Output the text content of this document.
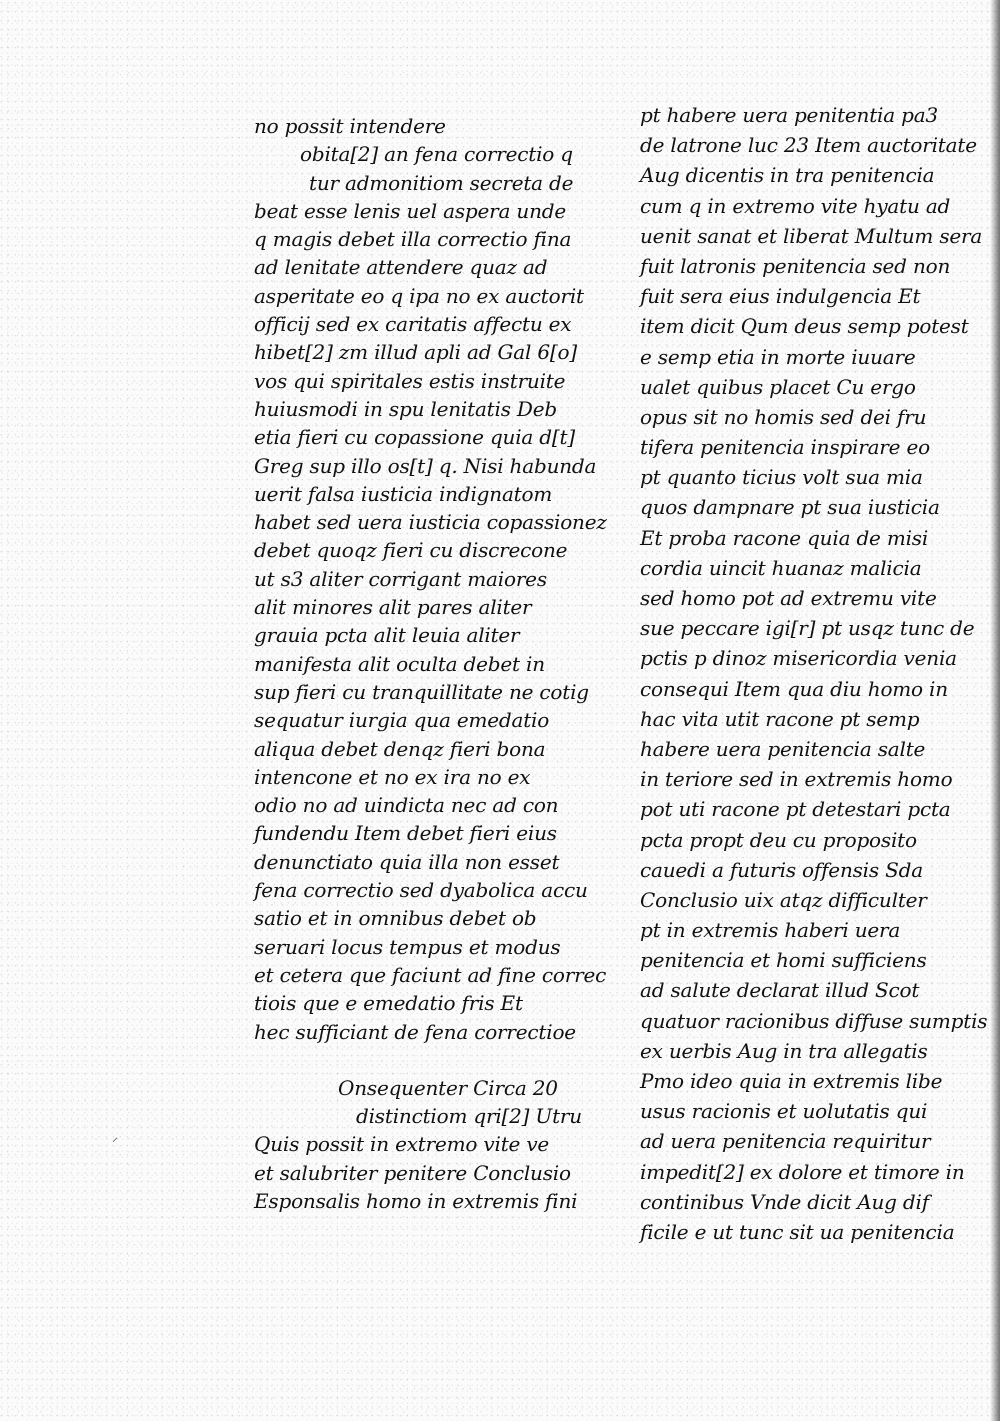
no possit intendere
obita[2] an fena correctio q
tur admonitiom secreta de
beat esse lenis uel aspera unde
q magis debet illa correctio fina
ad lenitate attendere quaz ad
asperitate eo q ipa no ex auctorit
officij sed ex caritatis affectu ex
hibet[2] zm illud apli ad Gal 6[o]
vos qui spiritales estis instruite
huiusmodi in spu lenitatis Deb
etia fieri cu copassione quia d[t]
Greg sup illo os[t] q. Nisi habunda
uerit falsa iusticia indignatom
habet sed uera iusticia copassionez
debet quoqz fieri cu discrecone
ut s3 aliter corrigant maiores
alit minores alit pares aliter
grauia pcta alit leuia aliter
manifesta alit oculta debet in
sup fieri cu tranquillitate ne cotig
sequatur iurgia qua emedatio
aliqua debet denqz fieri bona
intencone et no ex ira no ex
odio no ad uindicta nec ad con
fundendu Item debet fieri eius
denunctiato quia illa non esset
fena correctio sed dyabolica accu
satio et in omnibus debet ob
seruari locus tempus et modus
et cetera que faciunt ad fine correc
tiois que e emedatio fris Et
hec sufficiant de fena correctioe
Onsequenter Circa 20
distinctiom qri[2] Utru
Quis possit in extremo vite ve
et salubriter penitere Conclusio
Esponsalis homo in extremis fini
pt habere uera penitentia pa3
de latrone luc 23 Item auctoritate
Aug dicentis in tra penitencia
cum q in extremo vite hyatu ad
uenit sanat et liberat Multum sera
fuit latronis penitencia sed non
fuit sera eius indulgencia Et
item dicit Qum deus semp potest
e semp etia in morte iuuare
ualet quibus placet Cu ergo
opus sit no homis sed dei fru
tifera penitencia inspirare eo
pt quanto ticius volt sua mia
quos dampnare pt sua iusticia
Et proba racone quia de misi
cordia uincit huanaz malicia
sed homo pot ad extremu vite
sue peccare igi[r] pt usqz tunc de
pctis p dinoz misericordia venia
consequi Item qua diu homo in
hac vita utit racone pt semp
habere uera penitencia salte
in teriore sed in extremis homo
pot uti racone pt detestari pcta
pcta propt deu cu proposito
cauedi a futuris offensis Sda
Conclusio uix atqz difficulter
pt in extremis haberi uera
penitencia et homi sufficiens
ad salute declarat illud Scot
quatuor racionibus diffuse sumptis
ex uerbis Aug in tra allegatis
Pmo ideo quia in extremis libe
usus racionis et uolutatis qui
ad uera penitencia requiritur
impedit[2] ex dolore et timore in
continibus Vnde dicit Aug dif
ficile e ut tunc sit ua penitencia
⸝
